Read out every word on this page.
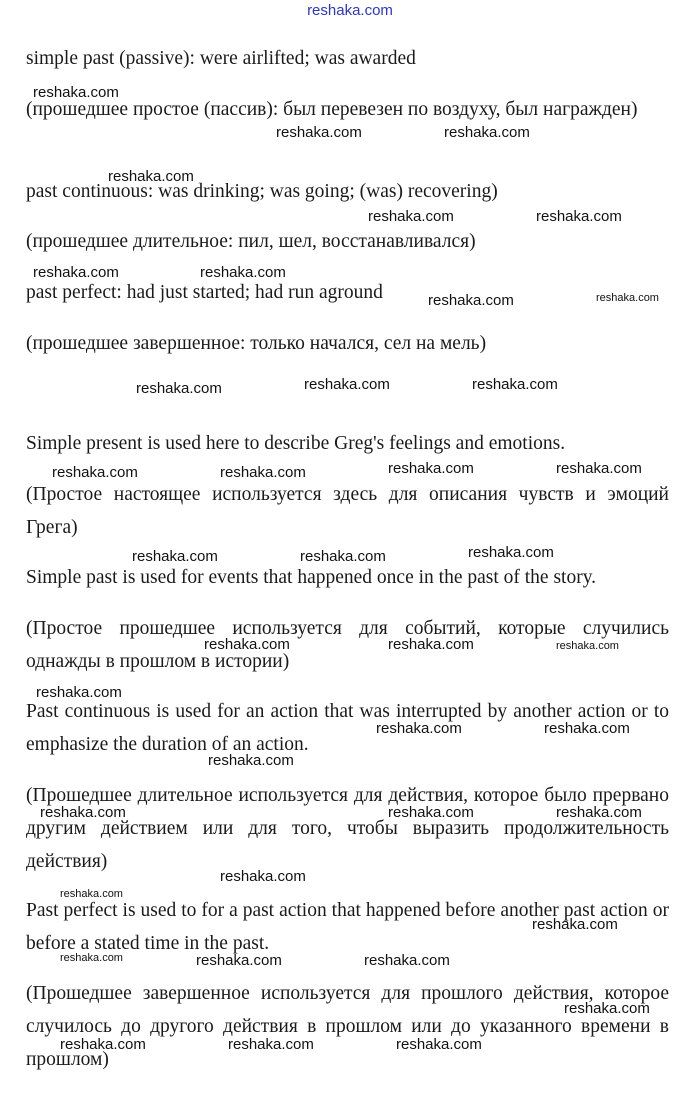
reshaka.com

simple past (passive): were airlifted; was awarded

(прошедшее простое (пассив): был перевезен по воздуху, был награжден)

past continuous: was drinking; was going; (was) recovering)

(прошедшее длительное: пил, шел, восстанавливался)

past perfect: had just started; had run aground

(прошедшее завершенное: только начался, сел на мель)

Simple present is used here to describe Greg's feelings and emotions.

(Простое настоящее используется здесь для описания чувств и эмоций Грега)

Simple past is used for events that happened once in the past of the story.

(Простое прошедшее используется для событий, которые случились однажды в прошлом в истории)

Past continuous is used for an action that was interrupted by another action or to emphasize the duration of an action.

(Прошедшее длительное используется для действия, которое было прервано другим действием или для того, чтобы выразить продолжительность действия)

Past perfect is used to for a past action that happened before another past action or before a stated time in the past.

(Прошедшее завершенное используется для прошлого действия, которое случилось до другого действия в прошлом или до указанного времени в прошлом)

reshaka.com
reshaka.com	reshaka.com
reshaka.com
reshaka.com	reshaka.com
reshaka.com	reshaka.com
reshaka.com	reshaka.com
reshaka.com	reshaka.com	reshaka.com
reshaka.com	reshaka.com	reshaka.com	reshaka.com
reshaka.com	reshaka.com	reshaka.com
reshaka.com	reshaka.com	reshaka.com
reshaka.com
reshaka.com	reshaka.com
reshaka.com
reshaka.com	reshaka.com	reshaka.com
reshaka.com
reshaka.com
reshaka.com
reshaka.com	reshaka.com	reshaka.com
reshaka.com
reshaka.com	reshaka.com	reshaka.com
